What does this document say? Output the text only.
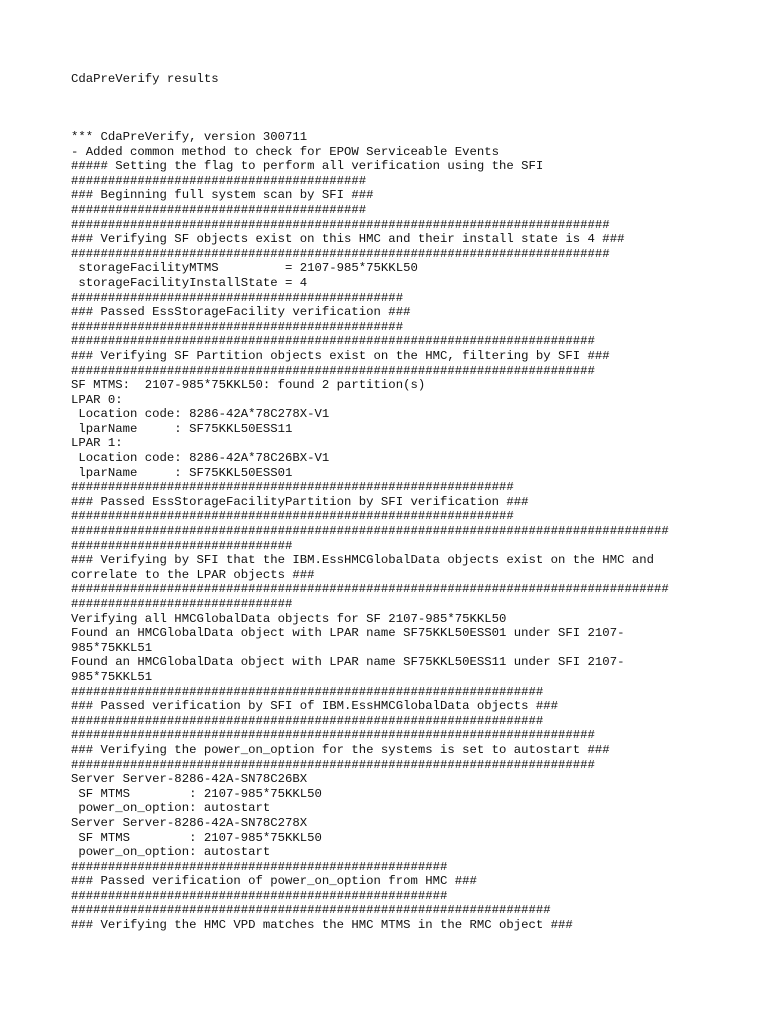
CdaPreVerify results
*** CdaPreVerify, version 300711
- Added common method to check for EPOW Serviceable Events
##### Setting the flag to perform all verification using the SFI
########################################
### Beginning full system scan by SFI ###
########################################
#########################################################################
### Verifying SF objects exist on this HMC and their install state is 4 ###
#########################################################################
storageFacilityMTMS         = 2107-985*75KKL50
storageFacilityInstallState = 4
#############################################
### Passed EssStorageFacility verification ###
#############################################
#######################################################################
### Verifying SF Partition objects exist on the HMC, filtering by SFI ###
#######################################################################
SF MTMS:  2107-985*75KKL50: found 2 partition(s)
LPAR 0:
Location code: 8286-42A*78C278X-V1
lparName     : SF75KKL50ESS11
LPAR 1:
Location code: 8286-42A*78C26BX-V1
lparName     : SF75KKL50ESS01
############################################################
### Passed EssStorageFacilityPartition by SFI verification ###
############################################################
#################################################################################
##############################
### Verifying by SFI that the IBM.EssHMCGlobalData objects exist on the HMC and
correlate to the LPAR objects ###
#################################################################################
##############################
Verifying all HMCGlobalData objects for SF 2107-985*75KKL50
Found an HMCGlobalData object with LPAR name SF75KKL50ESS01 under SFI 2107-
985*75KKL51
Found an HMCGlobalData object with LPAR name SF75KKL50ESS11 under SFI 2107-
985*75KKL51
################################################################
### Passed verification by SFI of IBM.EssHMCGlobalData objects ###
################################################################
#######################################################################
### Verifying the power_on_option for the systems is set to autostart ###
#######################################################################
Server Server-8286-42A-SN78C26BX
SF MTMS        : 2107-985*75KKL50
power_on_option: autostart
Server Server-8286-42A-SN78C278X
SF MTMS        : 2107-985*75KKL50
power_on_option: autostart
###################################################
### Passed verification of power_on_option from HMC ###
###################################################
#################################################################
### Verifying the HMC VPD matches the HMC MTMS in the RMC object ###
